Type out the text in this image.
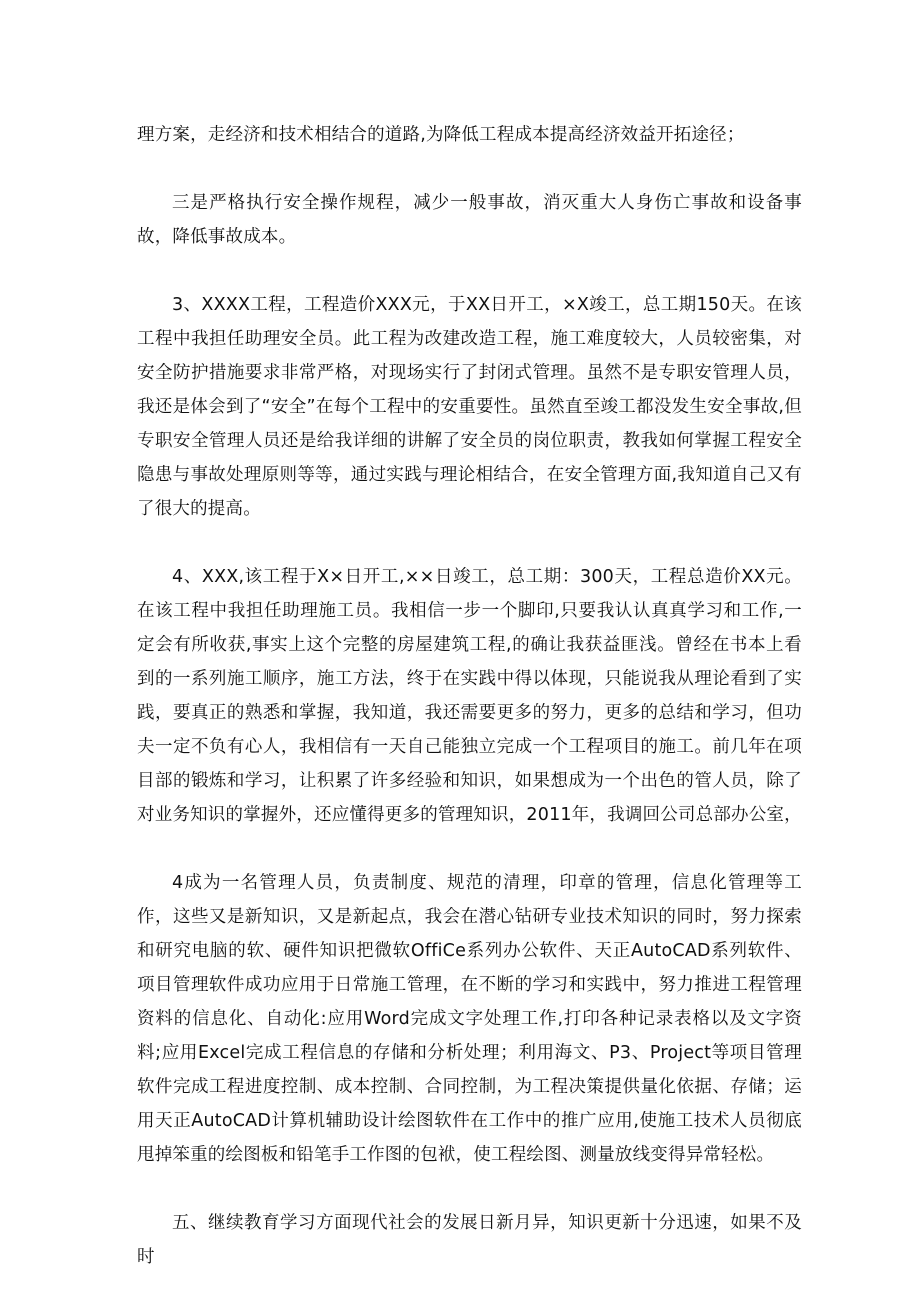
理方案，走经济和技术相结合的道路,为降低工程成本提高经济效益开拓途径；

三是严格执行安全操作规程，减少一般事故，消灭重大人身伤亡事故和设备事故，降低事故成本。

3、XXXX工程，工程造价XXX元，于XX日开工，×X竣工，总工期150天。在该工程中我担任助理安全员。此工程为改建改造工程，施工难度较大，人员较密集，对安全防护措施要求非常严格，对现场实行了封闭式管理。虽然不是专职安管理人员，我还是体会到了“安全”在每个工程中的安重要性。虽然直至竣工都没发生安全事故,但专职安全管理人员还是给我详细的讲解了安全员的岗位职责，教我如何掌握工程安全隐患与事故处理原则等等，通过实践与理论相结合，在安全管理方面,我知道自己又有了很大的提高。

4、XXX,该工程于X×日开工,××日竣工，总工期：300天，工程总造价XX元。在该工程中我担任助理施工员。我相信一步一个脚印,只要我认认真真学习和工作,一定会有所收获,事实上这个完整的房屋建筑工程,的确让我获益匪浅。曾经在书本上看到的一系列施工顺序，施工方法，终于在实践中得以体现，只能说我从理论看到了实践，要真正的熟悉和掌握，我知道，我还需要更多的努力，更多的总结和学习，但功夫一定不负有心人，我相信有一天自己能独立完成一个工程项目的施工。前几年在项目部的锻炼和学习，让积累了许多经验和知识，如果想成为一个出色的管人员，除了对业务知识的掌握外，还应懂得更多的管理知识，2011年，我调回公司总部办公室，

4成为一名管理人员，负责制度、规范的清理，印章的管理，信息化管理等工作，这些又是新知识，又是新起点，我会在潜心钻研专业技术知识的同时，努力探索和研究电脑的软、硬件知识把微软OffiCe系列办公软件、天正AutoCAD系列软件、项目管理软件成功应用于日常施工管理，在不断的学习和实践中，努力推进工程管理资料的信息化、自动化:应用Word完成文字处理工作,打印各种记录表格以及文字资料;应用Excel完成工程信息的存储和分析处理；利用海文、P3、Project等项目管理软件完成工程进度控制、成本控制、合同控制，为工程决策提供量化依据、存储；运用天正AutoCAD计算机辅助设计绘图软件在工作中的推广应用,使施工技术人员彻底甩掉笨重的绘图板和铅笔手工作图的包袱，使工程绘图、测量放线变得异常轻松。

五、继续教育学习方面现代社会的发展日新月异，知识更新十分迅速，如果不及时
